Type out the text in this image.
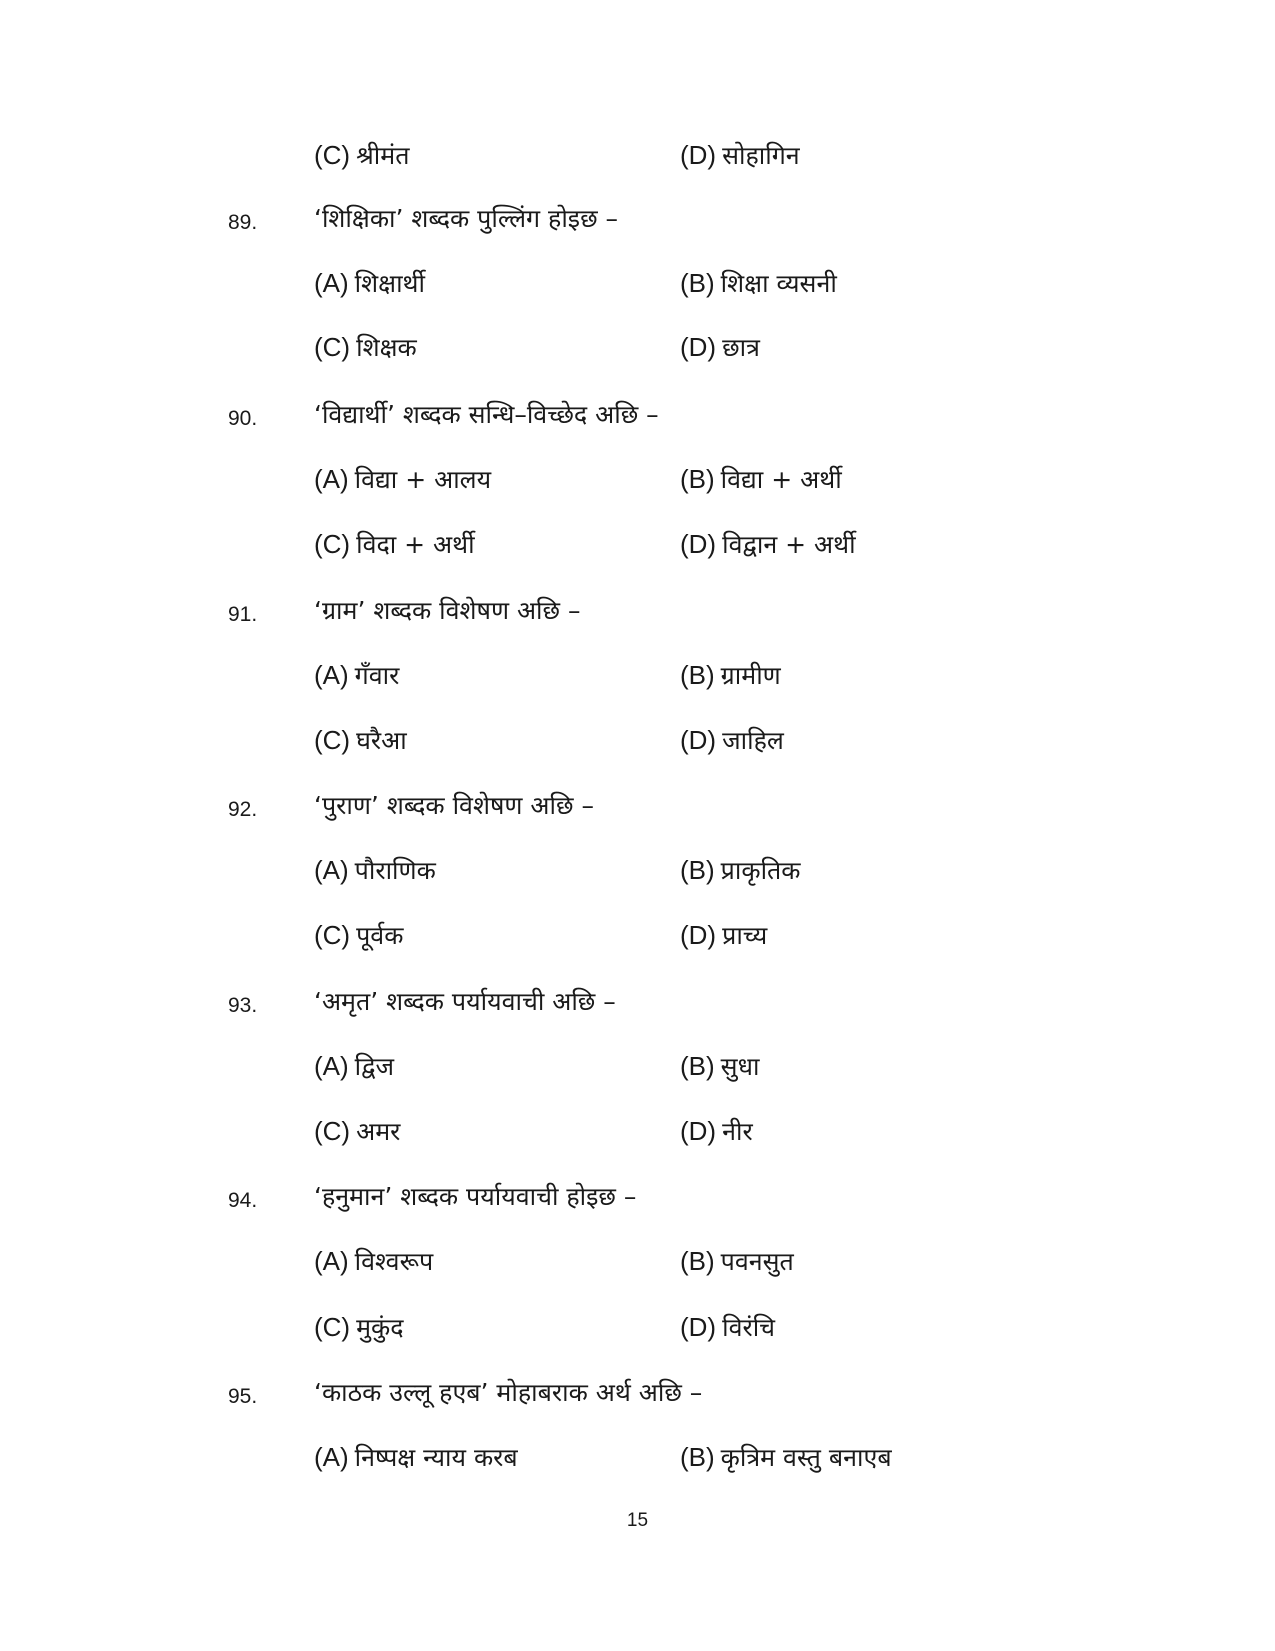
(C) श्रीमंत	(D) सोहागिन
89. ‘शिक्षिका’ शब्दक पुल्लिंग होइछ –
(A) शिक्षार्थी	(B) शिक्षा व्यसनी
(C) शिक्षक	(D) छात्र
90. ‘विद्यार्थी’ शब्दक सन्धि–विच्छेद अछि –
(A) विद्या + आलय	(B) विद्या + अर्थी
(C) विदा + अर्थी	(D) विद्वान + अर्थी
91. ‘ग्राम’ शब्दक विशेषण अछि –
(A) गँवार	(B) ग्रामीण
(C) घरैआ	(D) जाहिल
92. ‘पुराण’ शब्दक विशेषण अछि –
(A) पौराणिक	(B) प्राकृतिक
(C) पूर्वक	(D) प्राच्य
93. ‘अमृत’ शब्दक पर्यायवाची अछि –
(A) द्विज	(B) सुधा
(C) अमर	(D) नीर
94. ‘हनुमान’ शब्दक पर्यायवाची होइछ –
(A) विश्वरूप	(B) पवनसुत
(C) मुकुंद	(D) विरंचि
95. ‘काठक उल्लू हएब’ मोहाबराक अर्थ अछि –
(A) निष्पक्ष न्याय करब	(B) कृत्रिम वस्तु बनाएब
15
